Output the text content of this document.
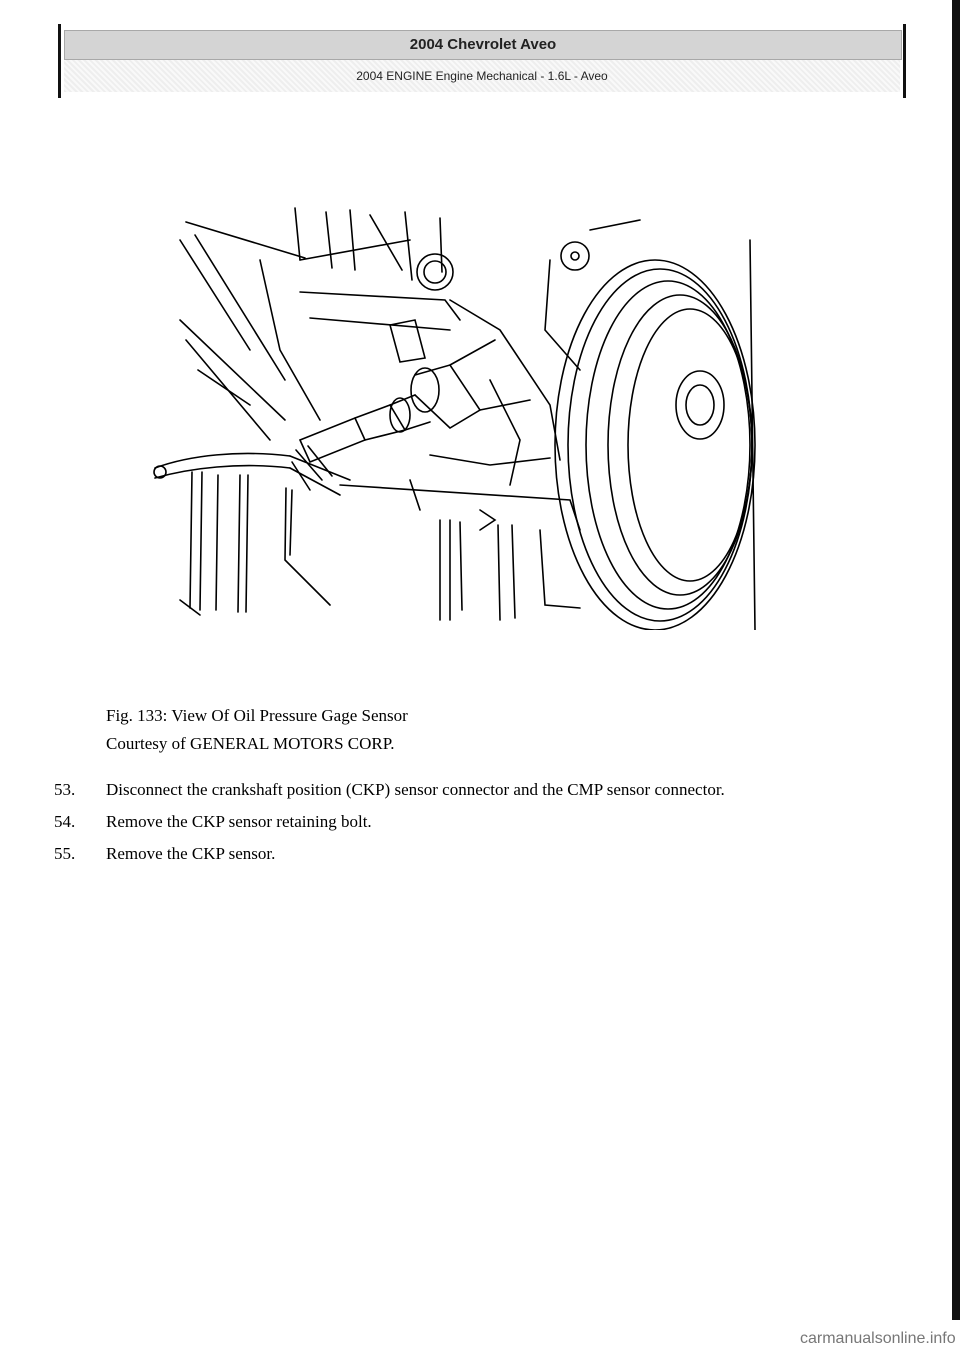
2004 Chevrolet Aveo
2004 ENGINE Engine Mechanical - 1.6L - Aveo
Fig. 133: View Of Oil Pressure Gage Sensor
Courtesy of GENERAL MOTORS CORP.
53. Disconnect the crankshaft position (CKP) sensor connector and the CMP sensor connector.
54. Remove the CKP sensor retaining bolt.
55. Remove the CKP sensor.
carmanualsonline.info
